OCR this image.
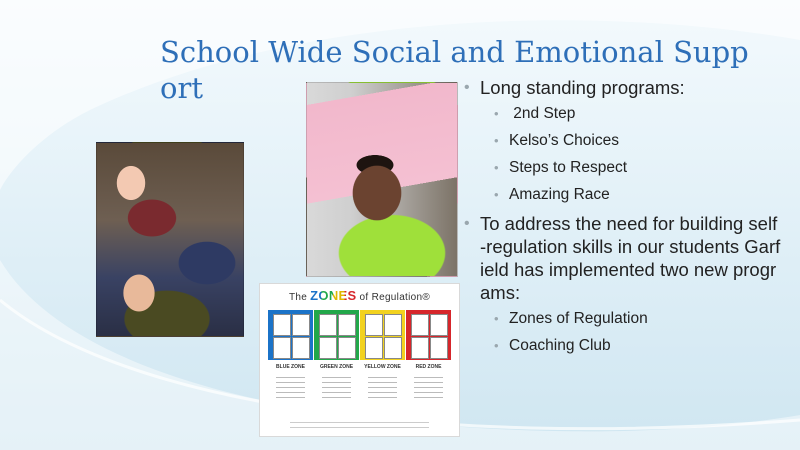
School Wide Social and Emotional Support
The ZONES of Regulation®
BLUE ZONE	GREEN ZONE	YELLOW ZONE	RED ZONE
• Long standing programs:
•  2nd Step
• Kelso’s Choices
• Steps to Respect
• Amazing Race
• To address the need for building self-regulation skills in our students Garfield has implemented two new programs:
• Zones of Regulation
• Coaching Club
